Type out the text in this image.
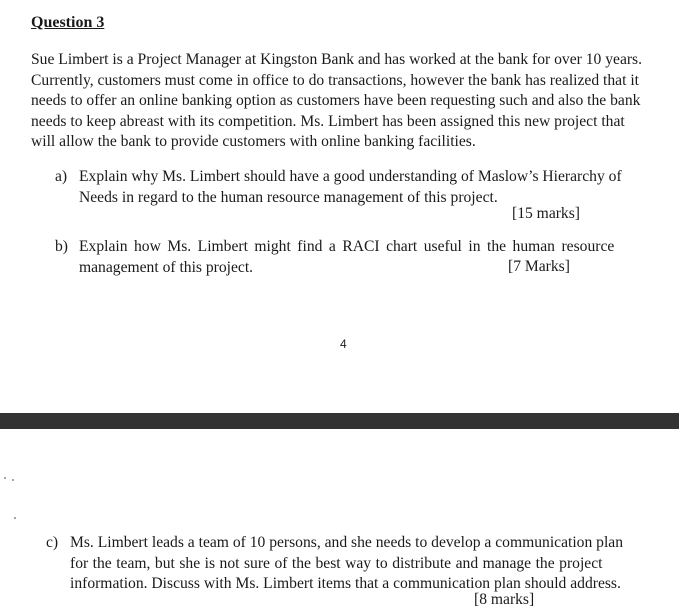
Question 3
Sue Limbert is a Project Manager at Kingston Bank and has worked at the bank for over 10 years.
Currently, customers must come in office to do transactions, however the bank has realized that it
needs to offer an online banking option as customers have been requesting such and also the bank
needs to keep abreast with its competition. Ms. Limbert has been assigned this new project that
will allow the bank to provide customers with online banking facilities.
a) Explain why Ms. Limbert should have a good understanding of Maslow’s Hierarchy of
Needs in regard to the human resource management of this project.
[15 marks]
b) Explain how Ms. Limbert might find a RACI chart useful in the human resource
management of this project.	[7 Marks]
4
c) Ms. Limbert leads a team of 10 persons, and she needs to develop a communication plan
for the team, but she is not sure of the best way to distribute and manage the project
information. Discuss with Ms. Limbert items that a communication plan should address.
[8 marks]
